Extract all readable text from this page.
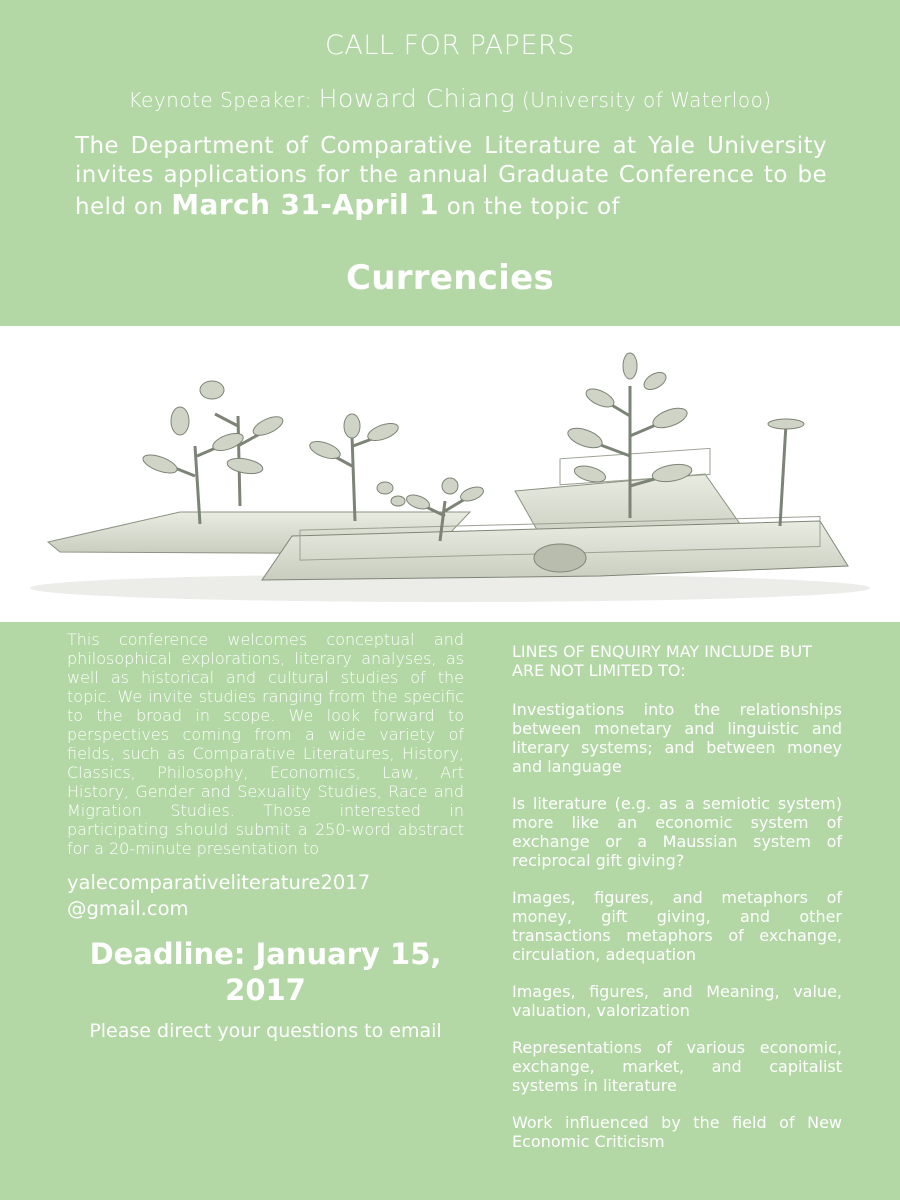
CALL FOR PAPERS
Keynote Speaker: Howard Chiang (University of Waterloo)
The Department of Comparative Literature at Yale University invites applications for the annual Graduate Conference to be held on March 31-April 1 on the topic of
Currencies

This conference welcomes conceptual and philosophical explorations, literary analyses, as well as historical and cultural studies of the topic. We invite studies ranging from the specific to the broad in scope. We look forward to perspectives coming from a wide variety of fields, such as Comparative Literatures, History, Classics, Philosophy, Economics, Law, Art History, Gender and Sexuality Studies, Race and Migration Studies. Those interested in participating should submit a 250-word abstract for a 20-minute presentation to

yalecomparativeliterature2017
@gmail.com
Deadline: January 15, 2017
Please direct your questions to email

LINES OF ENQUIRY MAY INCLUDE BUT ARE NOT LIMITED TO:

Investigations into the relationships between monetary and linguistic and literary systems; and between money and language

Is literature (e.g. as a semiotic system) more like an economic system of exchange or a Maussian system of reciprocal gift giving?

Images, figures, and metaphors of money, gift giving, and other transactions metaphors of exchange, circulation, adequation

Images, figures, and Meaning, value, valuation, valorization

Representations of various economic, exchange, market, and capitalist systems in literature

Work influenced by the field of New Economic Criticism
